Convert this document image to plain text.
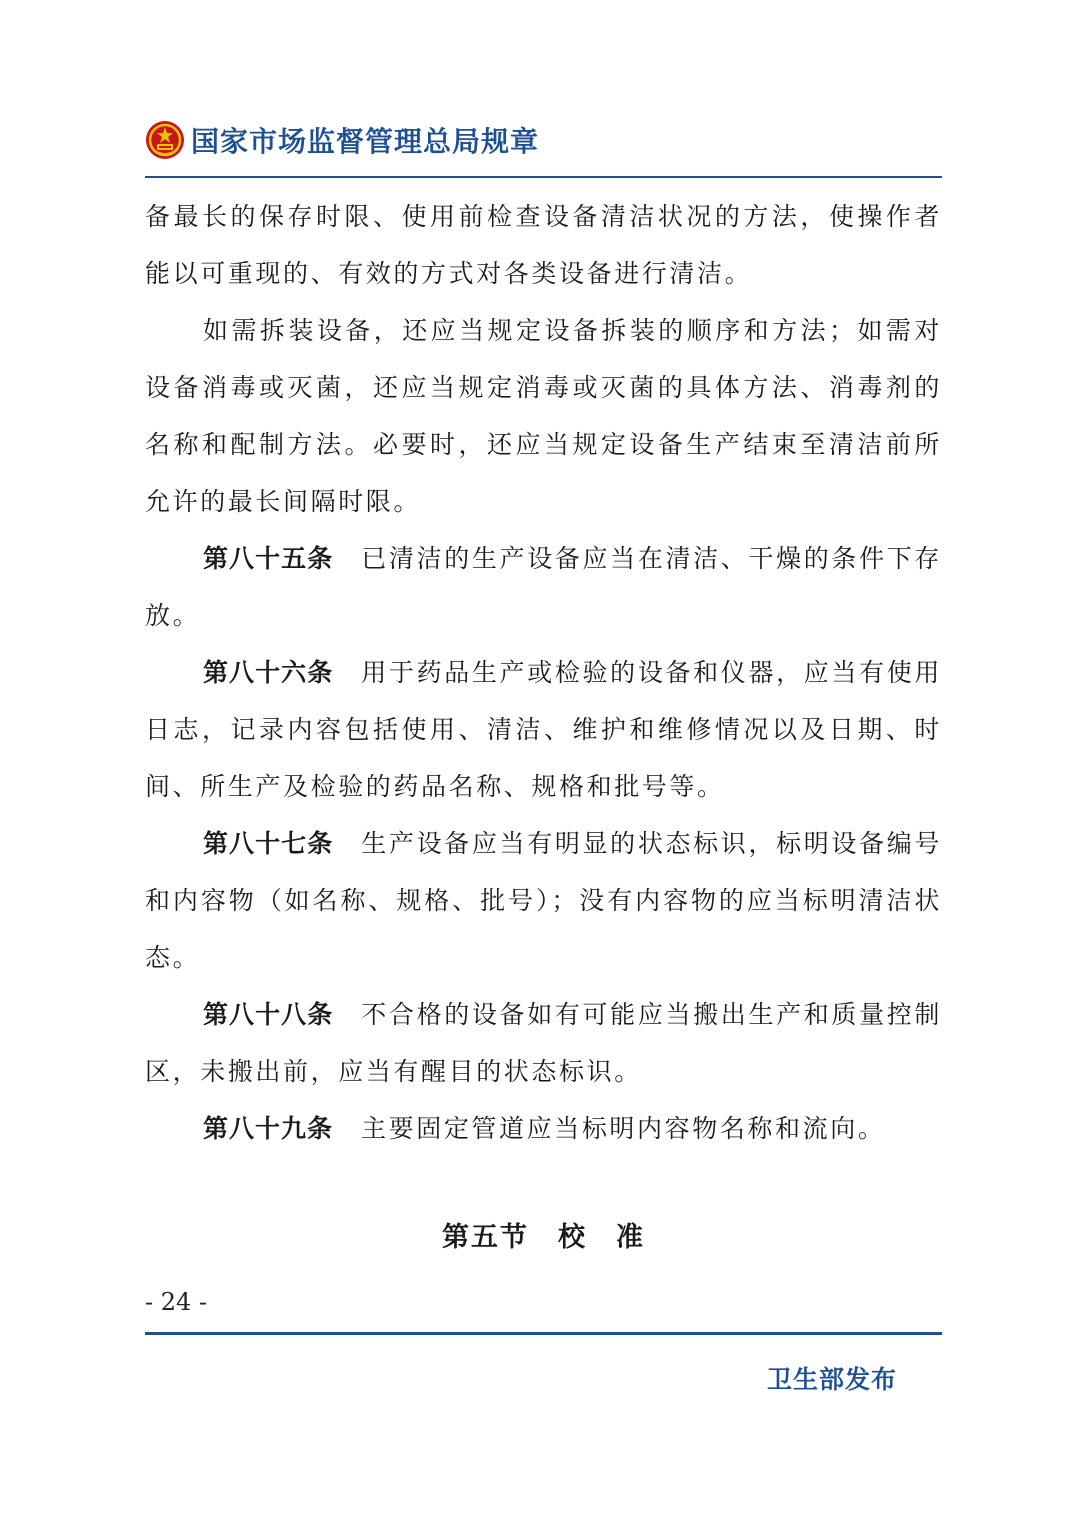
国家市场监督管理总局规章

备最长的保存时限、使用前检查设备清洁状况的方法，使操作者能以可重现的、有效的方式对各类设备进行清洁。

如需拆装设备，还应当规定设备拆装的顺序和方法；如需对设备消毒或灭菌，还应当规定消毒或灭菌的具体方法、消毒剂的名称和配制方法。必要时，还应当规定设备生产结束至清洁前所允许的最长间隔时限。

第八十五条 已清洁的生产设备应当在清洁、干燥的条件下存放。

第八十六条 用于药品生产或检验的设备和仪器，应当有使用日志，记录内容包括使用、清洁、维护和维修情况以及日期、时间、所生产及检验的药品名称、规格和批号等。

第八十七条 生产设备应当有明显的状态标识，标明设备编号和内容物（如名称、规格、批号）；没有内容物的应当标明清洁状态。

第八十八条 不合格的设备如有可能应当搬出生产和质量控制区，未搬出前，应当有醒目的状态标识。

第八十九条 主要固定管道应当标明内容物名称和流向。

第五节　校　准
- 24 -
卫生部发布
